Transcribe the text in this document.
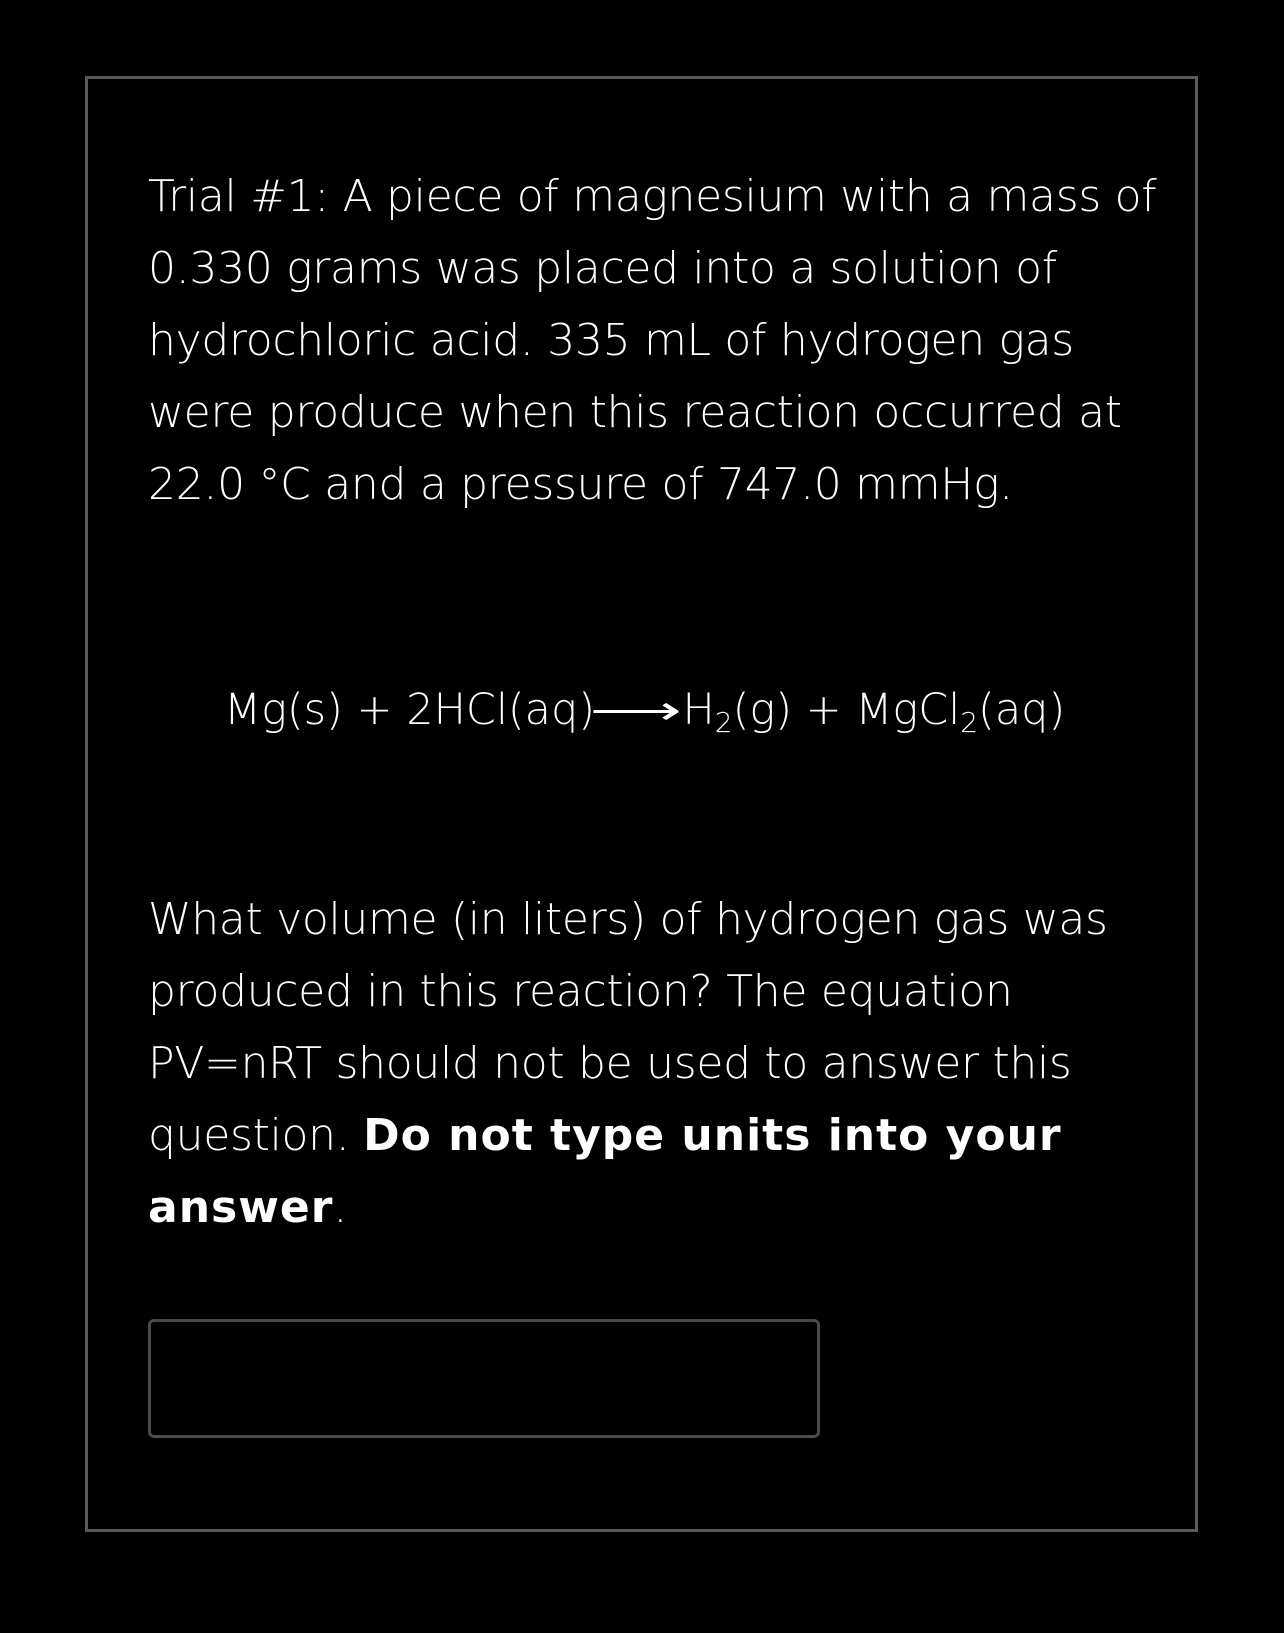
Trial #1: A piece of magnesium with a mass of
0.330 grams was placed into a solution of
hydrochloric acid. 335 mL of hydrogen gas
were produce when this reaction occurred at
22.0 °C and a pressure of 747.0 mmHg.

$Mg(s) + 2HCl(aq)⟶H_2(g)$ + MgCl$_2$(aq)

What volume (in liters) of hydrogen gas was
produced in this reaction? The equation
PV=nRT should not be used to answer this
question. Do not type units into your
answer.
